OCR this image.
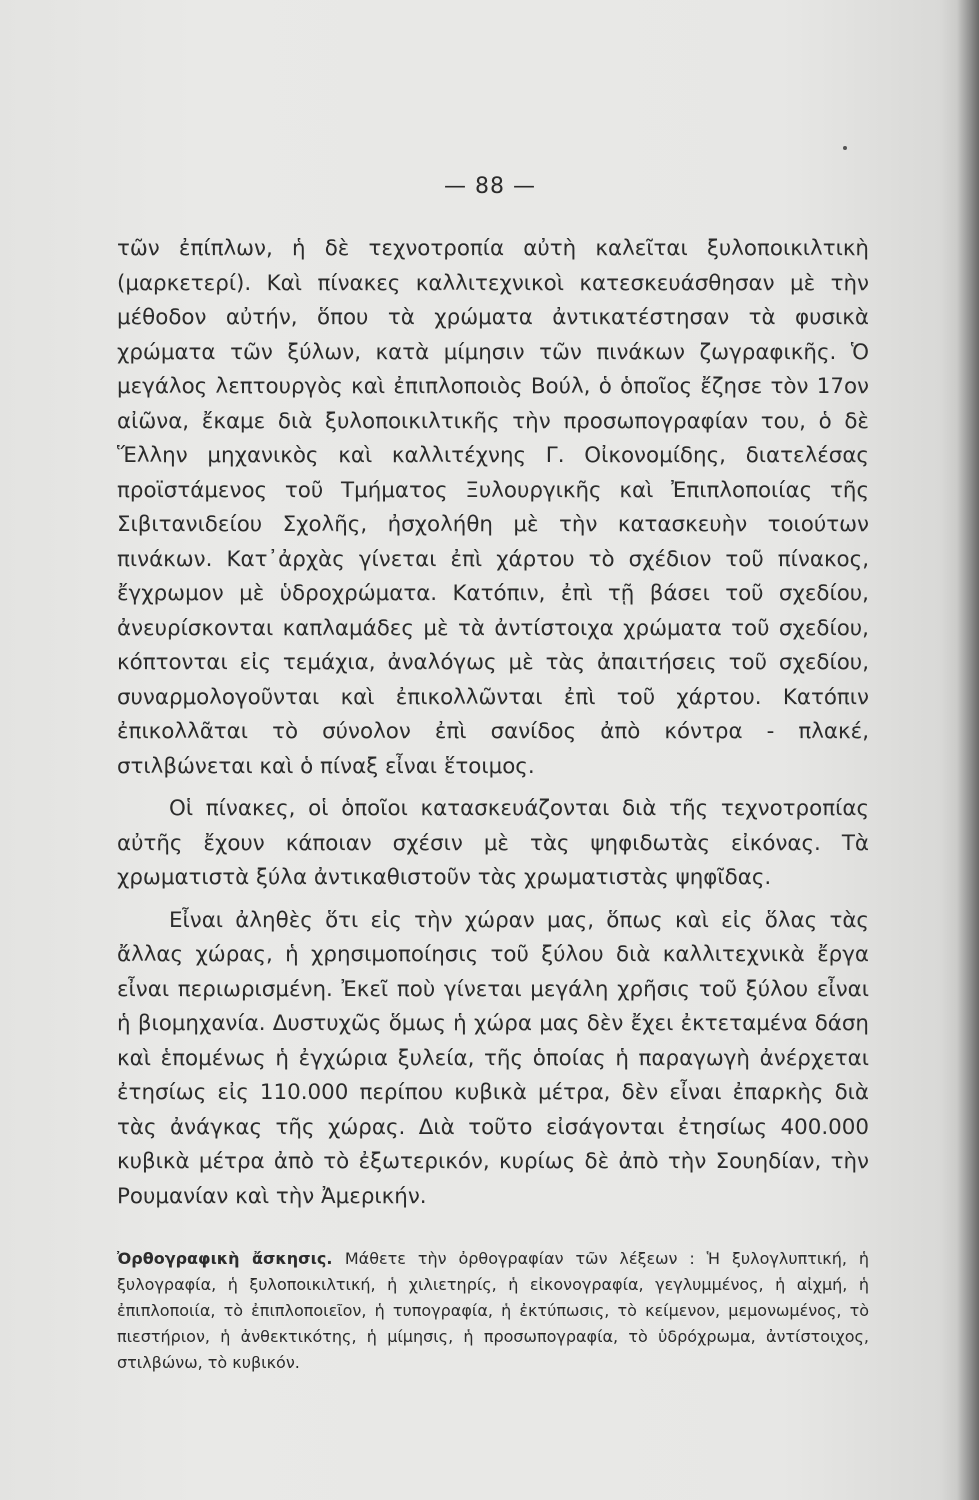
— 88 —

τῶν ἐπίπλων, ἡ δὲ τεχνοτροπία αὐτὴ καλεῖται ξυλοποικιλτικὴ (μαρκετερί). Καὶ πίνακες καλλιτεχνικοὶ κατεσκευάσθησαν μὲ τὴν μέθοδον αὐτήν, ὅπου τὰ χρώματα ἀντικατέστησαν τὰ φυσικὰ χρώματα τῶν ξύλων, κατὰ μίμησιν τῶν πινάκων ζωγραφικῆς. Ὁ μεγάλος λεπτουργὸς καὶ ἐπιπλοποιὸς Βούλ, ὁ ὁποῖος ἔζησε τὸν 17ον αἰῶνα, ἔκαμε διὰ ξυλοποικιλτικῆς τὴν προσωπογραφίαν του, ὁ δὲ Ἕλλην μηχανικὸς καὶ καλλιτέχνης Γ. Οἰκονομίδης, διατελέσας προϊστάμενος τοῦ Τμήματος Ξυλουργικῆς καὶ Ἐπιπλοποιίας τῆς Σιβιτανιδείου Σχολῆς, ἠσχολήθη μὲ τὴν κατασκευὴν τοιούτων πινάκων. Κατ᾽ἀρχὰς γίνεται ἐπὶ χάρτου τὸ σχέδιον τοῦ πίνακος, ἔγχρωμον μὲ ὑδροχρώματα. Κατόπιν, ἐπὶ τῇ βάσει τοῦ σχεδίου, ἀνευρίσκονται καπλαμάδες μὲ τὰ ἀντίστοιχα χρώματα τοῦ σχεδίου, κόπτονται εἰς τεμάχια, ἀναλόγως μὲ τὰς ἀπαιτήσεις τοῦ σχεδίου, συναρμολογοῦνται καὶ ἐπικολλῶνται ἐπὶ τοῦ χάρτου. Κατόπιν ἐπικολλᾶται τὸ σύνολον ἐπὶ σανίδος ἀπὸ κόντρα - πλακέ, στιλβώνεται καὶ ὁ πίναξ εἶναι ἕτοιμος.

Οἱ πίνακες, οἱ ὁποῖοι κατασκευάζονται διὰ τῆς τεχνοτροπίας αὐτῆς ἔχουν κάποιαν σχέσιν μὲ τὰς ψηφιδωτὰς εἰκόνας. Τὰ χρωματιστὰ ξύλα ἀντικαθιστοῦν τὰς χρωματιστὰς ψηφῖδας.

Εἶναι ἀληθὲς ὅτι εἰς τὴν χώραν μας, ὅπως καὶ εἰς ὅλας τὰς ἄλλας χώρας, ἡ χρησιμοποίησις τοῦ ξύλου διὰ καλλιτεχνικὰ ἔργα εἶναι περιωρισμένη. Ἐκεῖ ποὺ γίνεται μεγάλη χρῆσις τοῦ ξύλου εἶναι ἡ βιομηχανία. Δυστυχῶς ὅμως ἡ χώρα μας δὲν ἔχει ἐκτεταμένα δάση καὶ ἑπομένως ἡ ἐγχώρια ξυλεία, τῆς ὁποίας ἡ παραγωγὴ ἀνέρχεται ἐτησίως εἰς 110.000 περίπου κυβικὰ μέτρα, δὲν εἶναι ἐπαρκὴς διὰ τὰς ἀνάγκας τῆς χώρας. Διὰ τοῦτο εἰσάγονται ἐτησίως 400.000 κυβικὰ μέτρα ἀπὸ τὸ ἐξωτερικόν, κυρίως δὲ ἀπὸ τὴν Σουηδίαν, τὴν Ρουμανίαν καὶ τὴν Ἀμερικήν.

Ὀρθογραφικὴ ἄσκησις. Μάθετε τὴν ὀρθογραφίαν τῶν λέξεων : Ἡ ξυλογλυπτική, ἡ ξυλογραφία, ἡ ξυλοποικιλτική, ἡ χιλιετηρίς, ἡ εἰκονογραφία, γεγλυμμένος, ἡ αἰχμή, ἡ ἐπιπλοποιία, τὸ ἐπιπλοποιεῖον, ἡ τυπογραφία, ἡ ἐκτύπωσις, τὸ κείμενον, μεμονωμένος, τὸ πιεστήριον, ἡ ἀνθεκτικότης, ἡ μίμησις, ἡ προσωπογραφία, τὸ ὑδρόχρωμα, ἀντίστοιχος, στιλβώνω, τὸ κυβικόν.
